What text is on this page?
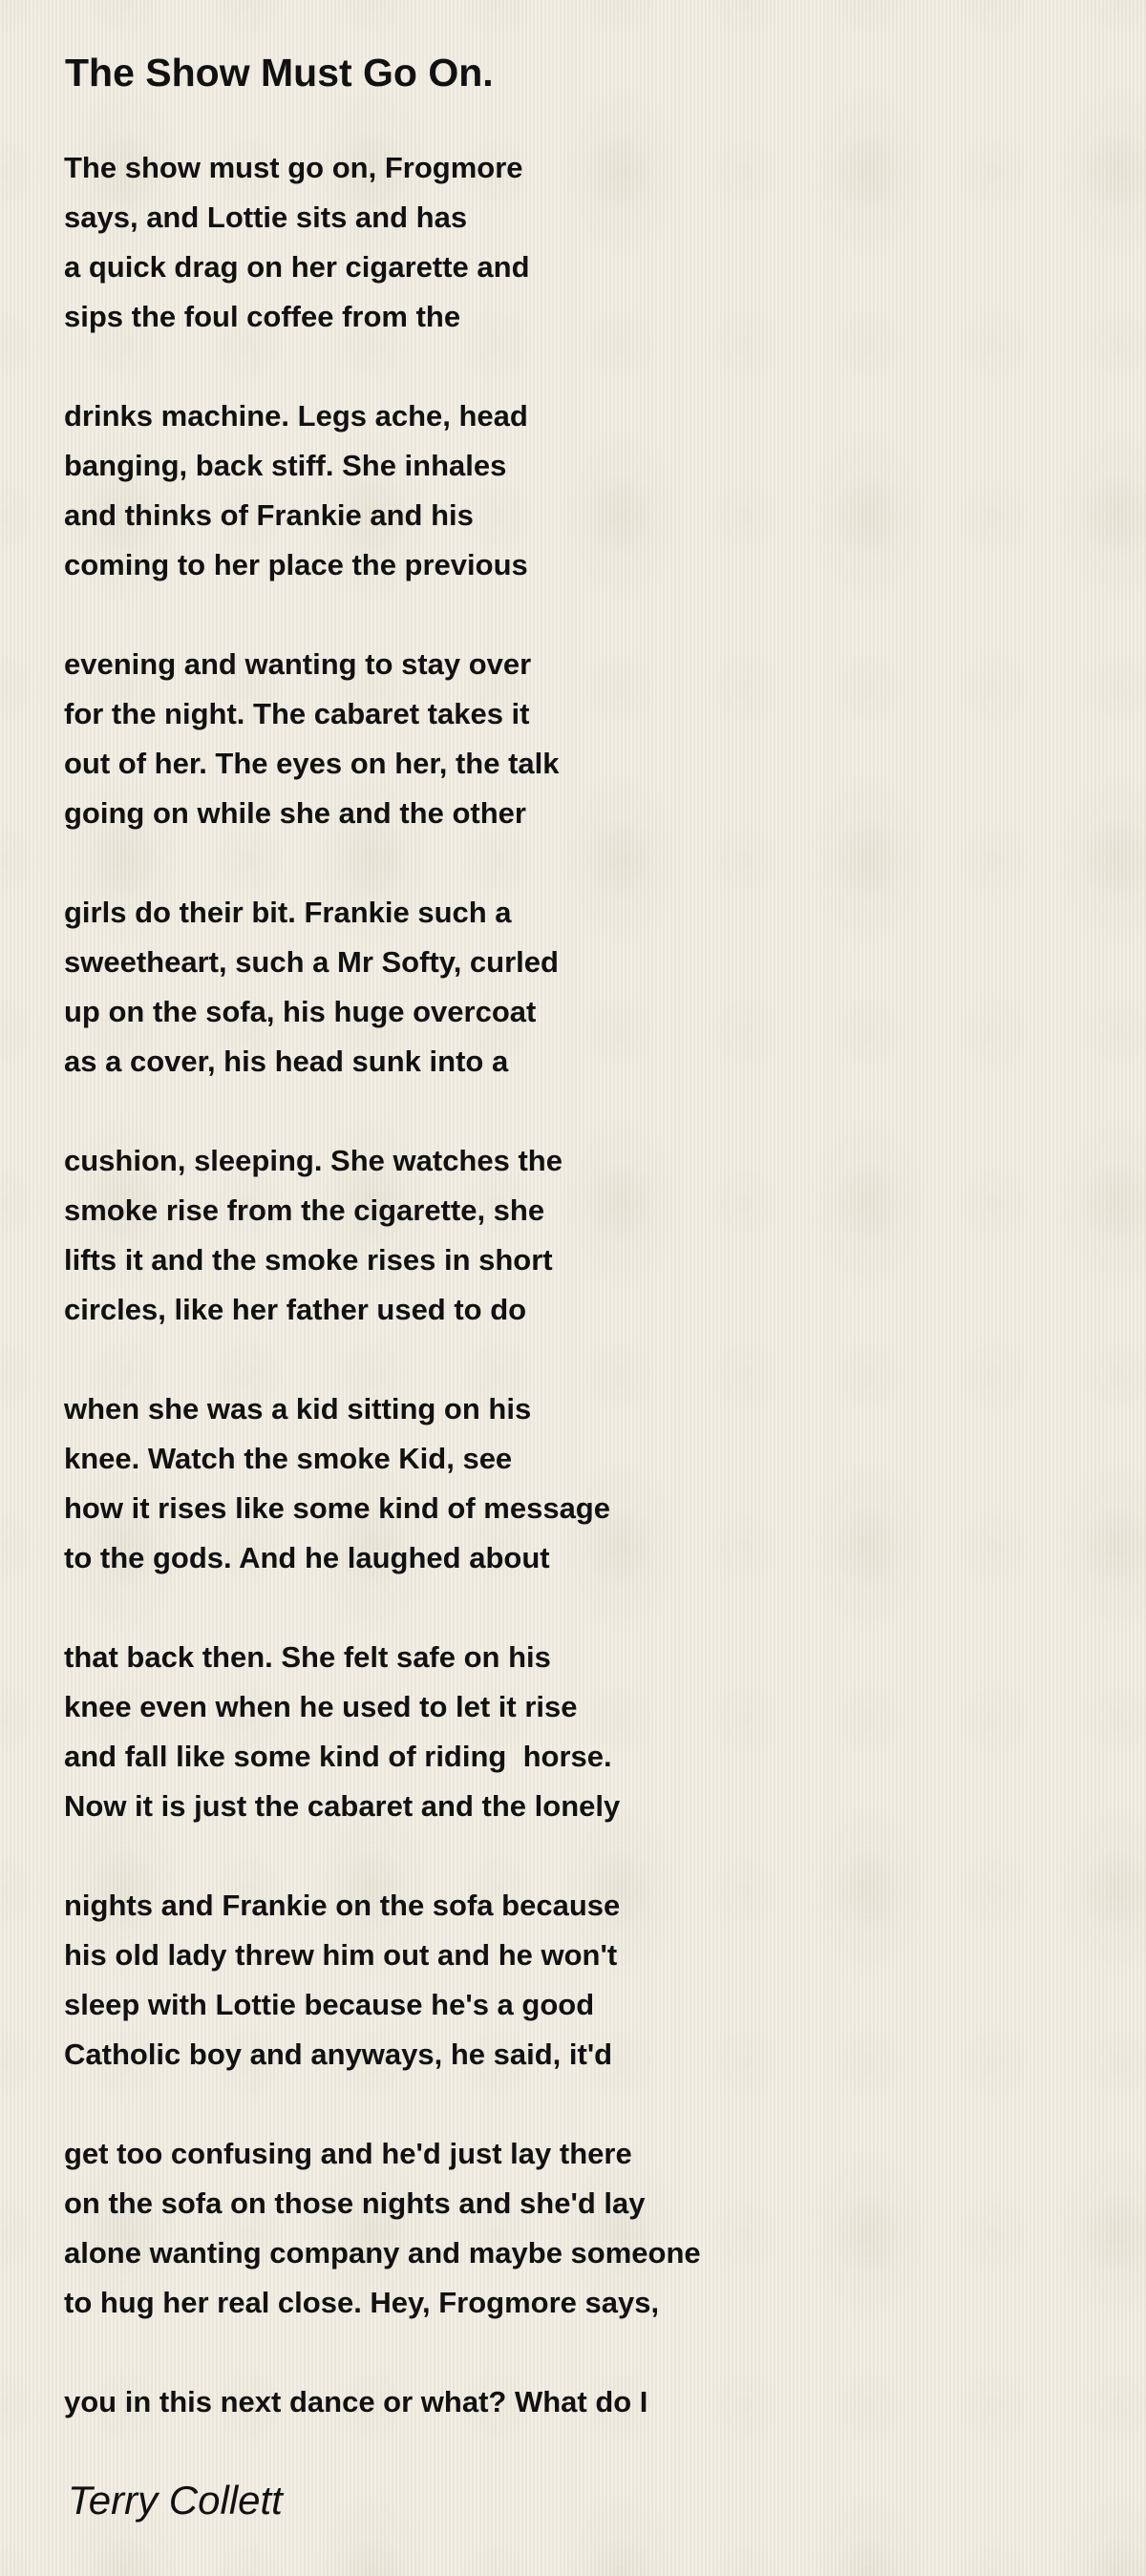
The Show Must Go On.
The show must go on, Frogmore
says, and Lottie sits and has
a quick drag on her cigarette and
sips the foul coffee from the
drinks machine. Legs ache, head
banging, back stiff. She inhales
and thinks of Frankie and his
coming to her place the previous
evening and wanting to stay over
for the night. The cabaret takes it
out of her. The eyes on her, the talk
going on while she and the other
girls do their bit. Frankie such a
sweetheart, such a Mr Softy, curled
up on the sofa, his huge overcoat
as a cover, his head sunk into a
cushion, sleeping. She watches the
smoke rise from the cigarette, she
lifts it and the smoke rises in short
circles, like her father used to do
when she was a kid sitting on his
knee. Watch the smoke Kid, see
how it rises like some kind of message
to the gods. And he laughed about
that back then. She felt safe on his
knee even when he used to let it rise
and fall like some kind of riding  horse.
Now it is just the cabaret and the lonely
nights and Frankie on the sofa because
his old lady threw him out and he won't
sleep with Lottie because he's a good
Catholic boy and anyways, he said, it'd
get too confusing and he'd just lay there
on the sofa on those nights and she'd lay
alone wanting company and maybe someone
to hug her real close. Hey, Frogmore says,
you in this next dance or what? What do I
Terry Collett
